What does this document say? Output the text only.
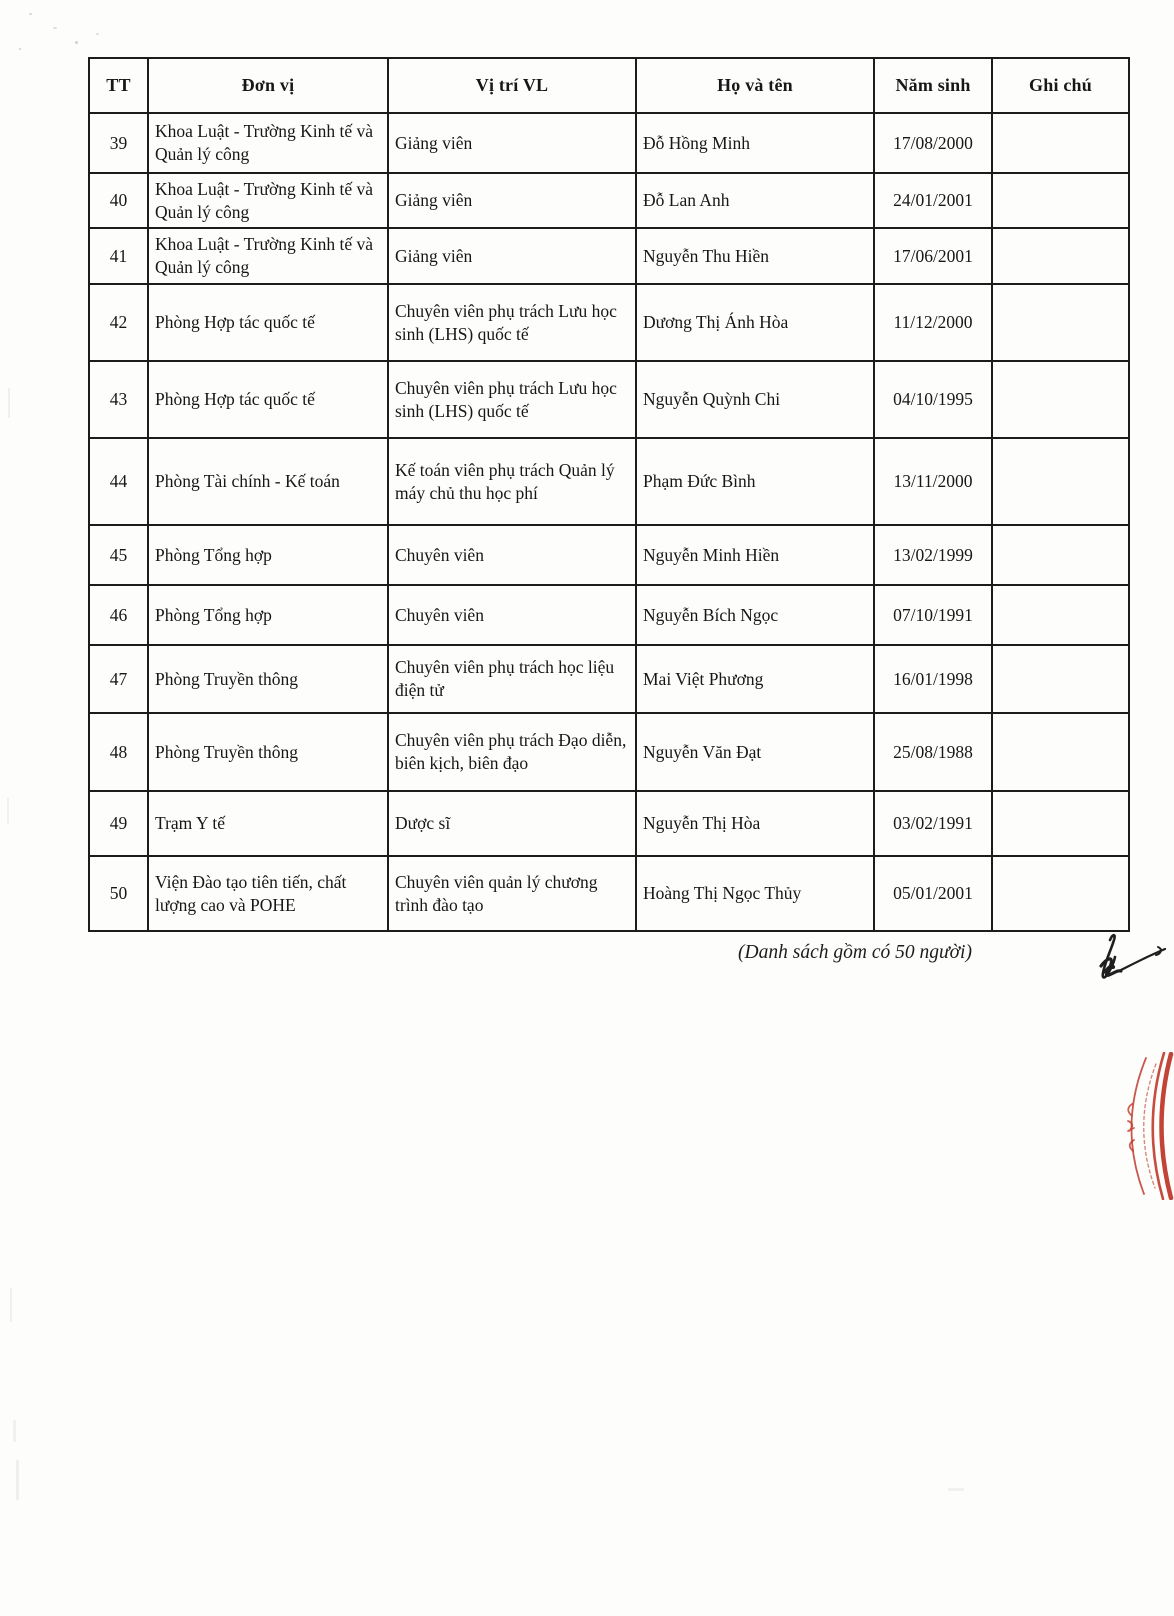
TT	Đơn vị	Vị trí VL	Họ và tên	Năm sinh	Ghi chú
39	Khoa Luật - Trường Kinh tế và Quản lý công	Giảng viên	Đỗ Hồng Minh	17/08/2000	
40	Khoa Luật - Trường Kinh tế và Quản lý công	Giảng viên	Đỗ Lan Anh	24/01/2001	
41	Khoa Luật - Trường Kinh tế và Quản lý công	Giảng viên	Nguyễn Thu Hiền	17/06/2001	
42	Phòng Hợp tác quốc tế	Chuyên viên phụ trách Lưu học sinh (LHS) quốc tế	Dương Thị Ánh Hòa	11/12/2000	
43	Phòng Hợp tác quốc tế	Chuyên viên phụ trách Lưu học sinh (LHS) quốc tế	Nguyễn Quỳnh Chi	04/10/1995	
44	Phòng Tài chính - Kế toán	Kế toán viên phụ trách Quản lý máy chủ thu học phí	Phạm Đức Bình	13/11/2000	
45	Phòng Tổng hợp	Chuyên viên	Nguyễn Minh Hiền	13/02/1999	
46	Phòng Tổng hợp	Chuyên viên	Nguyễn Bích Ngọc	07/10/1991	
47	Phòng Truyền thông	Chuyên viên phụ trách học liệu điện tử	Mai Việt Phương	16/01/1998	
48	Phòng Truyền thông	Chuyên viên phụ trách Đạo diễn, biên kịch, biên đạo	Nguyễn Văn Đạt	25/08/1988	
49	Trạm Y tế	Dược sĩ	Nguyễn Thị Hòa	03/02/1991	
50	Viện Đào tạo tiên tiến, chất lượng cao và POHE	Chuyên viên quản lý chương trình đào tạo	Hoàng Thị Ngọc Thủy	05/01/2001	
(Danh sách gồm có 50 người)
